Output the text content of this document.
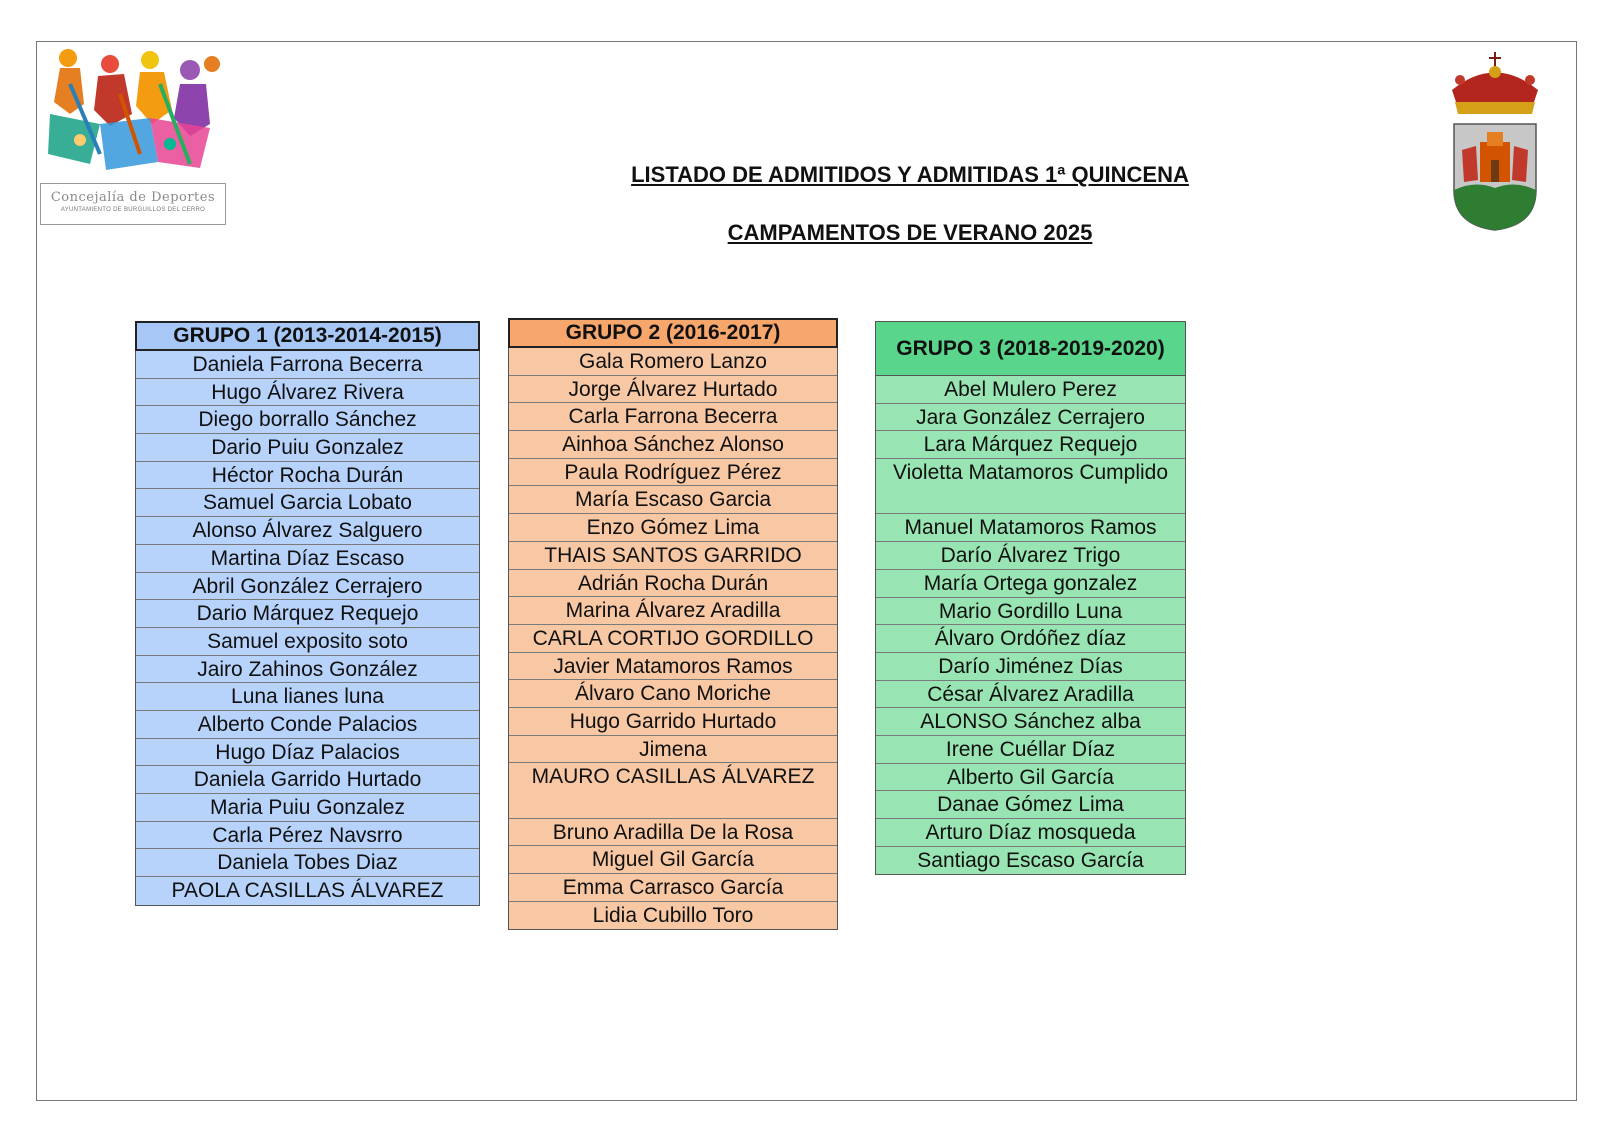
Concejalía de Deportes
AYUNTAMIENTO DE BURGUILLOS DEL CERRO
LISTADO DE ADMITIDOS Y ADMITIDAS 1ª QUINCENA
CAMPAMENTOS DE VERANO 2025
GRUPO 1 (2013-2014-2015)
Daniela Farrona Becerra
Hugo Álvarez Rivera
Diego borrallo Sánchez
Dario Puiu Gonzalez
Héctor Rocha Durán
Samuel Garcia Lobato
Alonso Álvarez Salguero
Martina Díaz Escaso
Abril González Cerrajero
Dario Márquez Requejo
Samuel exposito soto
Jairo Zahinos González
Luna lianes luna
Alberto Conde Palacios
Hugo Díaz Palacios
Daniela Garrido Hurtado
Maria Puiu Gonzalez
Carla Pérez Navsrro
Daniela Tobes Diaz
PAOLA CASILLAS ÁLVAREZ
GRUPO 2 (2016-2017)
Gala Romero Lanzo
Jorge Álvarez Hurtado
Carla Farrona Becerra
Ainhoa Sánchez Alonso
Paula Rodríguez Pérez
María Escaso Garcia
Enzo Gómez Lima
THAIS SANTOS GARRIDO
Adrián Rocha Durán
Marina Álvarez Aradilla
CARLA CORTIJO GORDILLO
Javier Matamoros Ramos
Álvaro Cano Moriche
Hugo Garrido Hurtado
Jimena
MAURO CASILLAS ÁLVAREZ
Bruno Aradilla De la Rosa
Miguel Gil García
Emma Carrasco García
Lidia Cubillo Toro
GRUPO 3 (2018-2019-2020)
Abel Mulero Perez
Jara González Cerrajero
Lara Márquez Requejo
Violetta Matamoros Cumplido
Manuel Matamoros Ramos
Darío Álvarez Trigo
María Ortega gonzalez
Mario Gordillo Luna
Álvaro Ordóñez díaz
Darío Jiménez Días
César Álvarez Aradilla
ALONSO Sánchez alba
Irene Cuéllar Díaz
Alberto Gil García
Danae Gómez Lima
Arturo Díaz mosqueda
Santiago Escaso García
